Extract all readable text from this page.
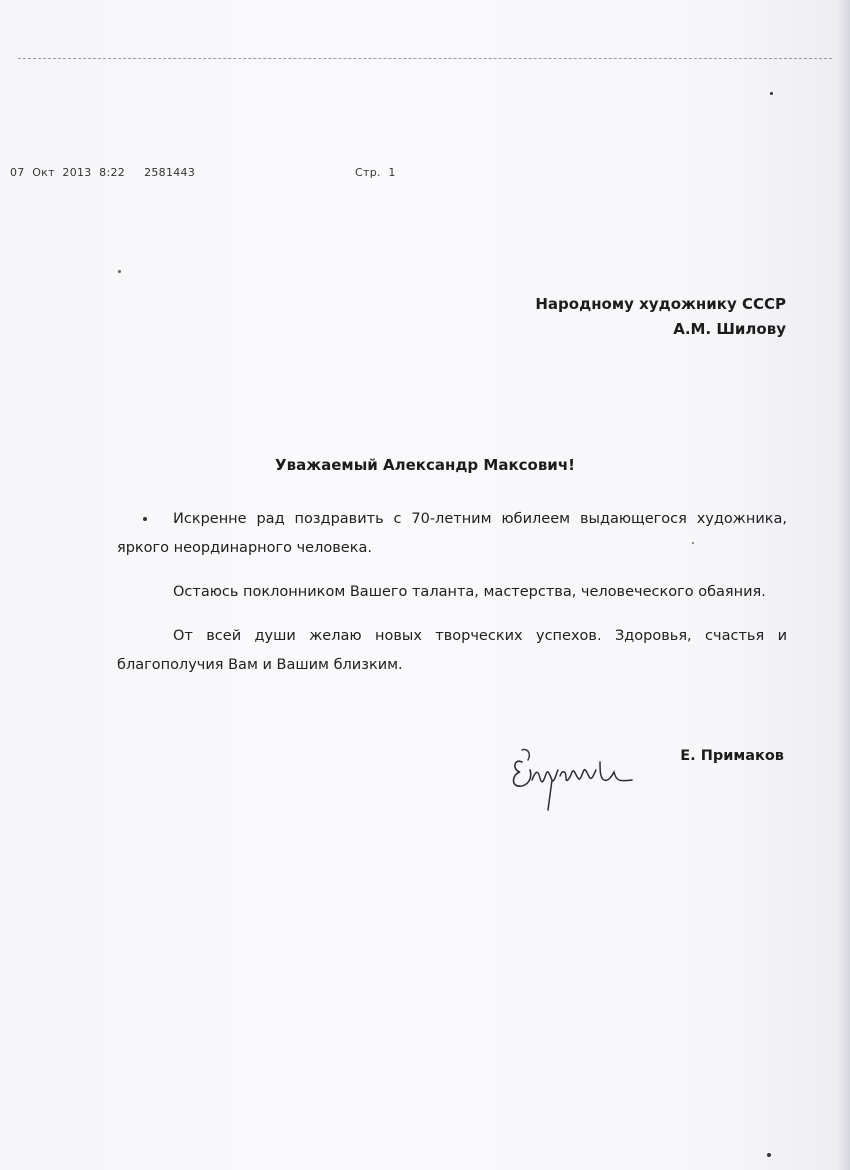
07  Окт  2013  8:22     2581443	Стр.  1
Народному художнику СССР
А.М. Шилову
Уважаемый Александр Максович!

Искренне рад поздравить с 70-летним юбилеем выдающегося художника, яркого неординарного человека.

Остаюсь поклонником Вашего таланта, мастерства, человеческого обаяния.

От всей души желаю новых творческих успехов. Здоровья, счастья и благополучия Вам и Вашим близким.

Е. Примаков
